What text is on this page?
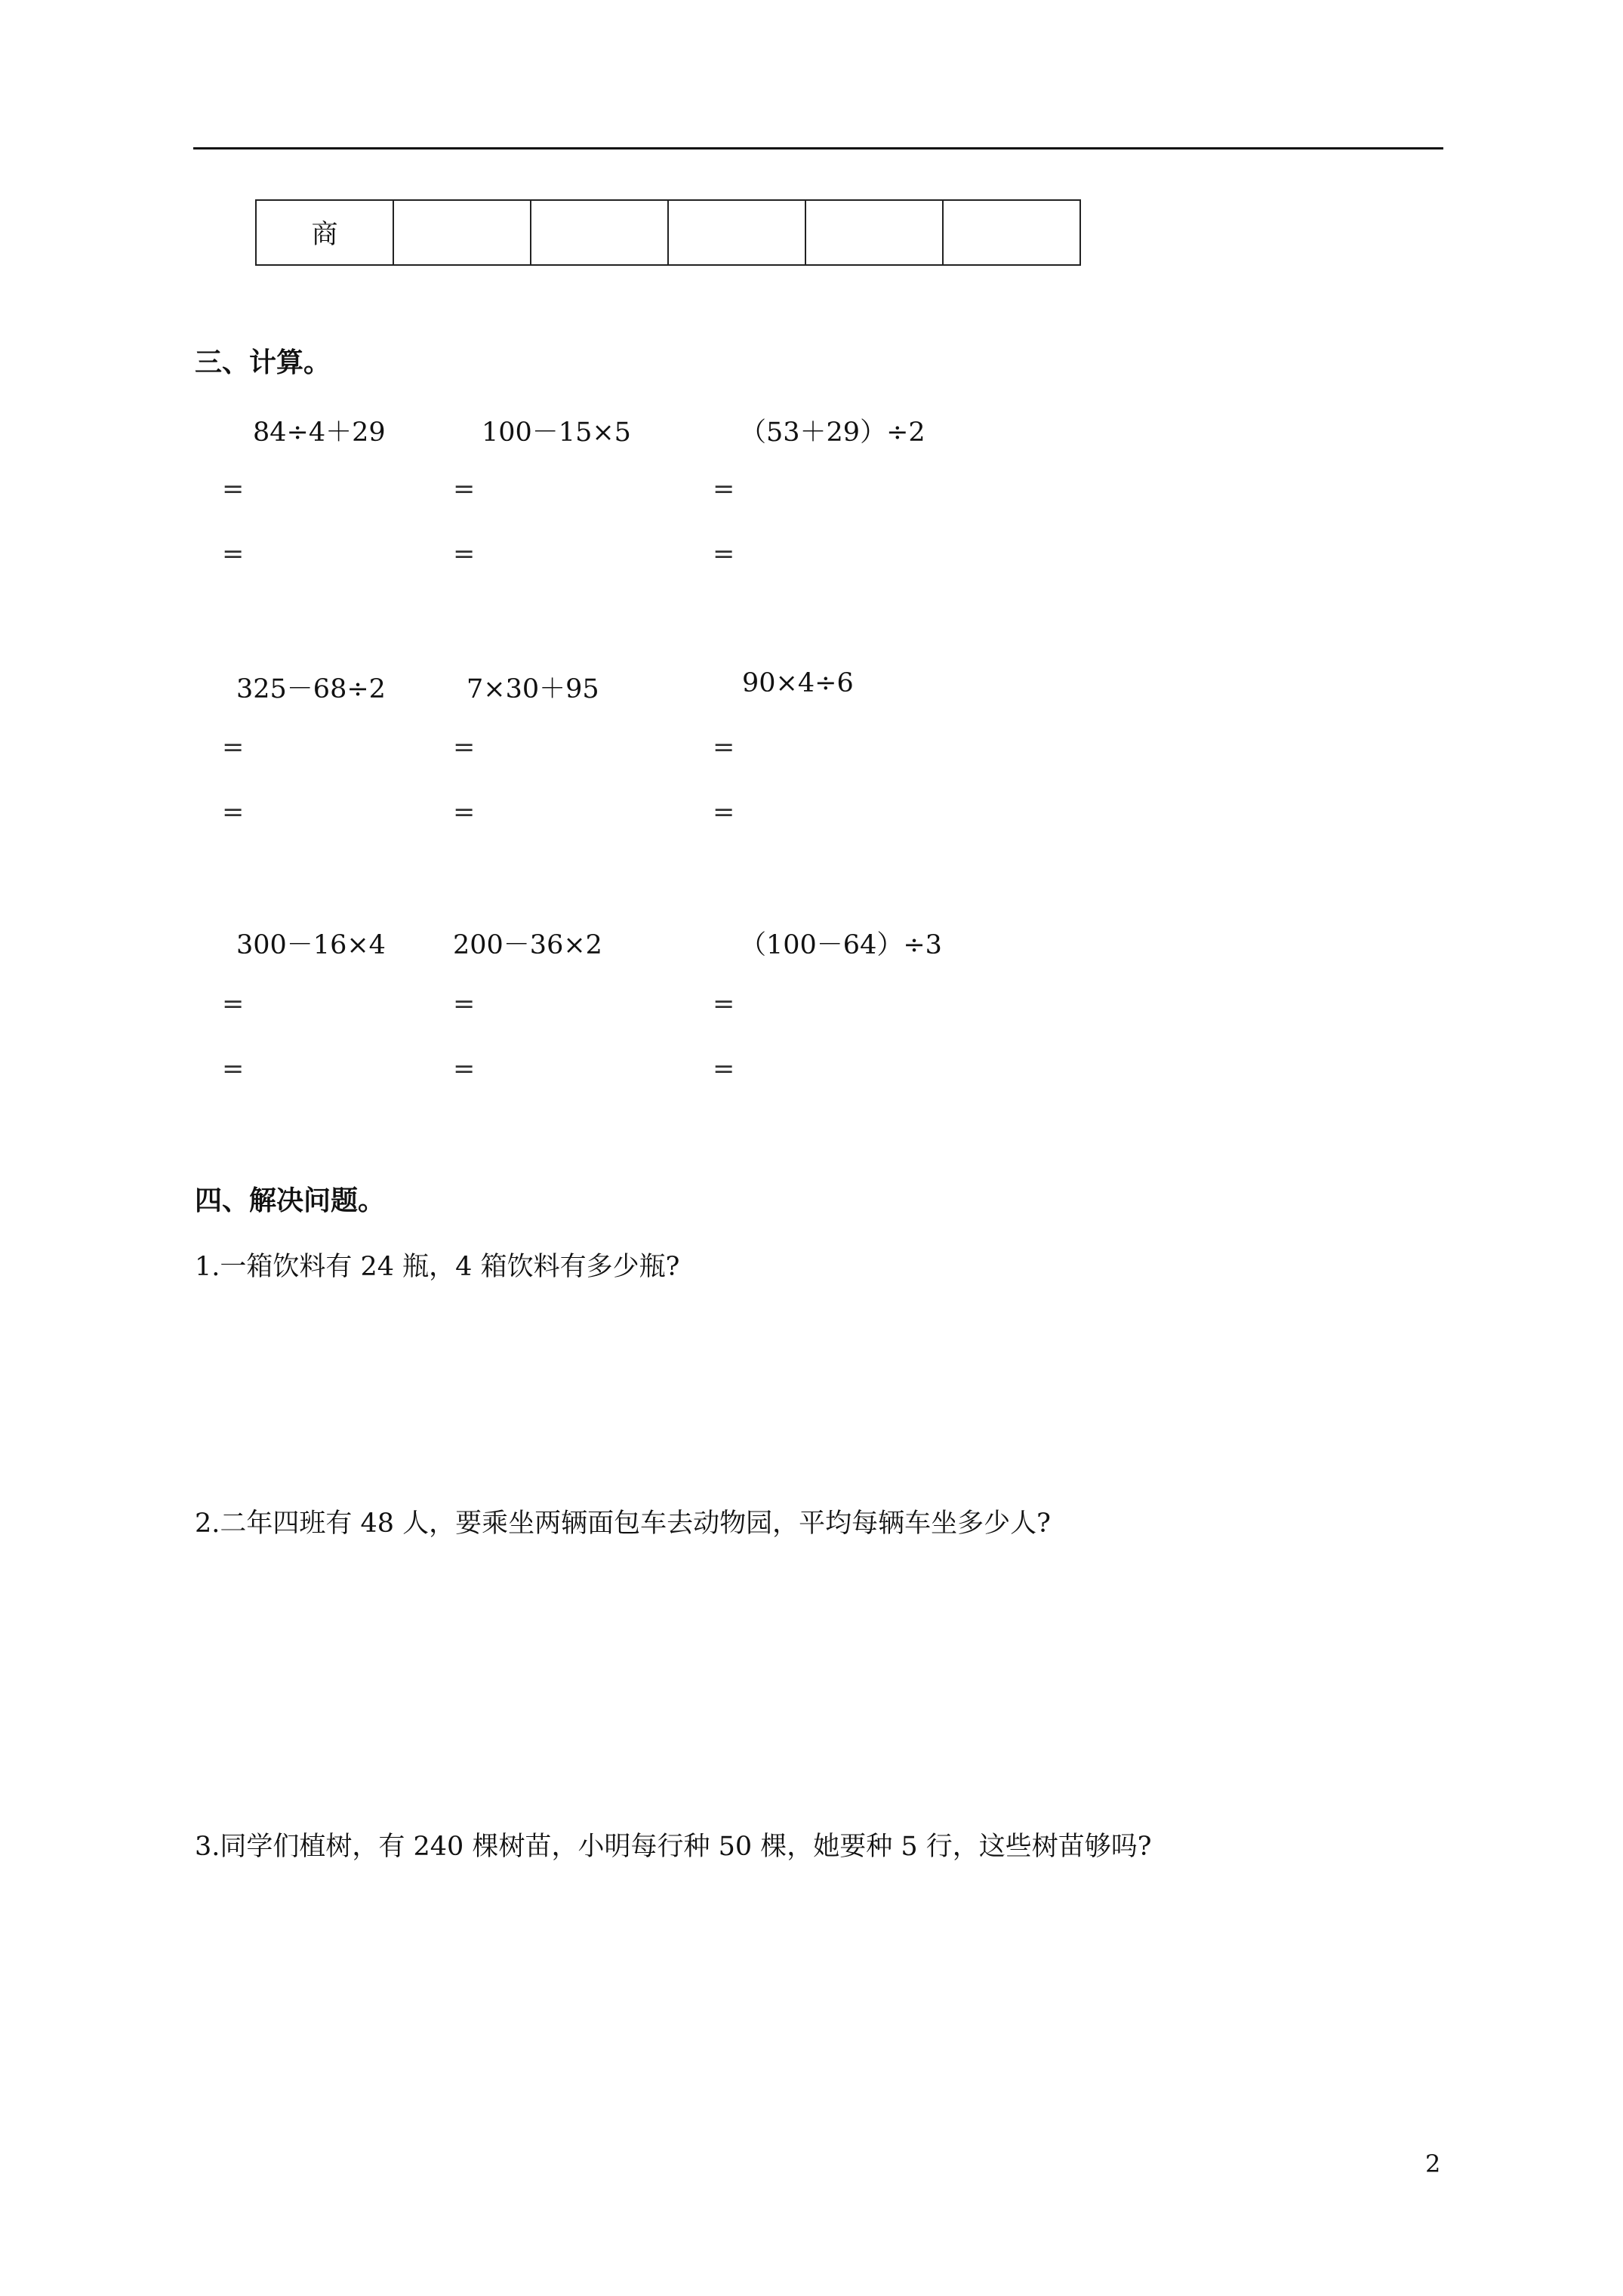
商					
三、计算。
84÷4＋29	100－15×5	（53＋29）÷2
=	=	=
=	=	=
325－68÷2	7×30＋95	90×4÷6
=	=	=
=	=	=
300－16×4	200－36×2	（100－64）÷3
=	=	=
=	=	=
四、解决问题。
1.一箱饮料有 24 瓶，4 箱饮料有多少瓶?
2.二年四班有 48 人，要乘坐两辆面包车去动物园，平均每辆车坐多少人?
3.同学们植树，有 240 棵树苗，小明每行种 50 棵，她要种 5 行，这些树苗够吗?
2
